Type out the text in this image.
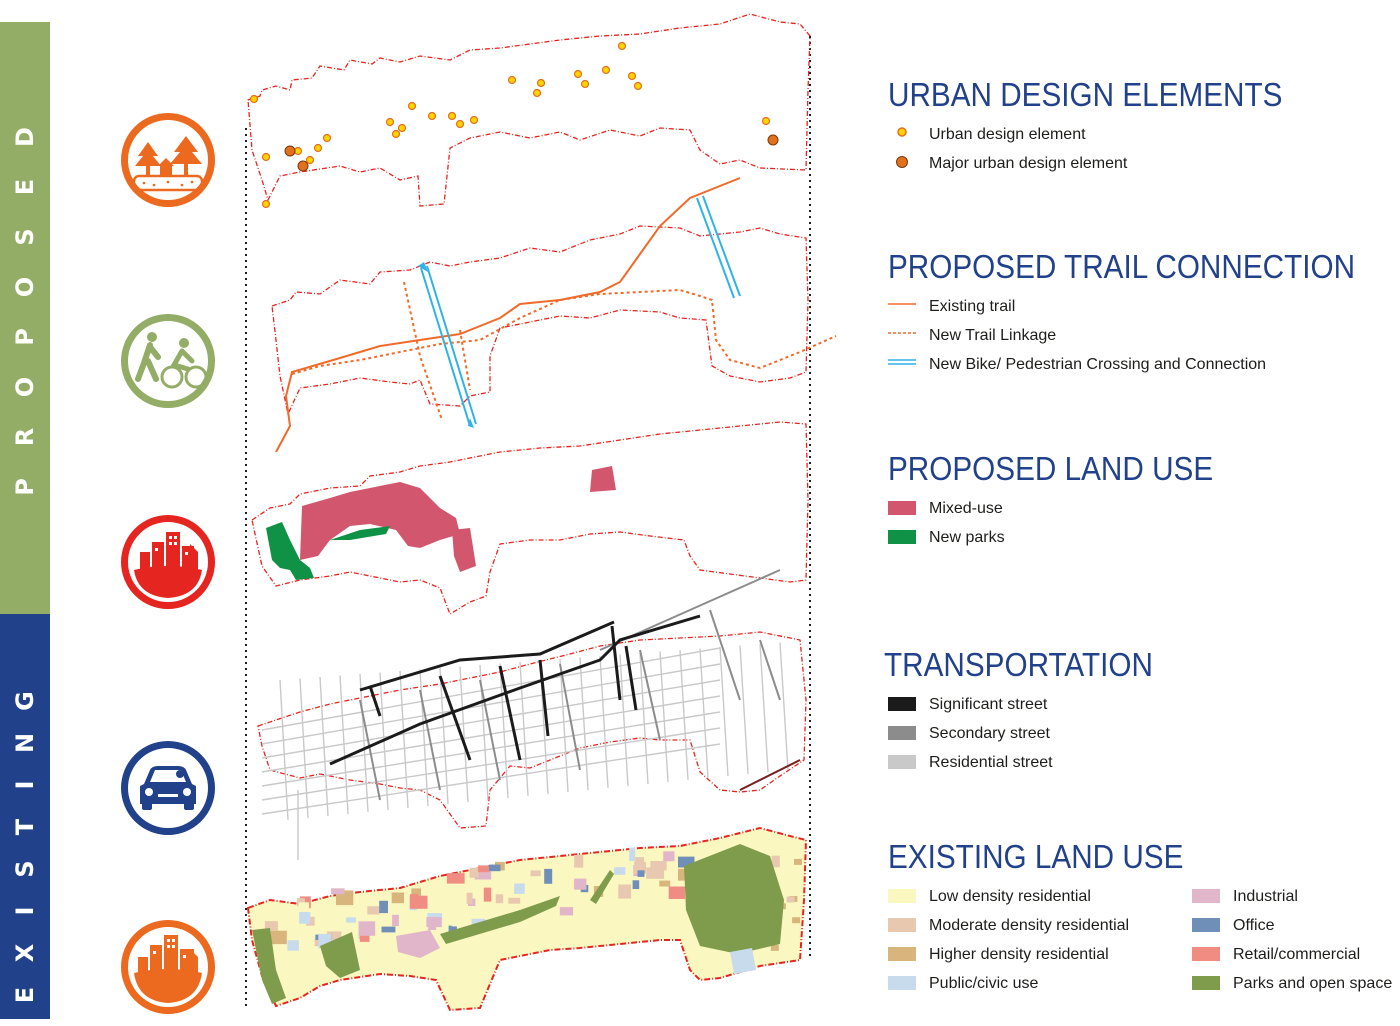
D
E
S
O
P
O
R
P
G
N
I
T
S
I
X
E
URBAN DESIGN ELEMENTS
Urban design element
Major urban design element
PROPOSED TRAIL CONNECTION
Existing trail
New Trail Linkage
New Bike/ Pedestrian Crossing and Connection
PROPOSED LAND USE
Mixed-use
New parks
TRANSPORTATION
Significant street
Secondary street
Residential street
EXISTING LAND USE
Low density residential
Moderate density residential
Higher density residential
Public/civic use
Industrial
Office
Retail/commercial
Parks and open space
